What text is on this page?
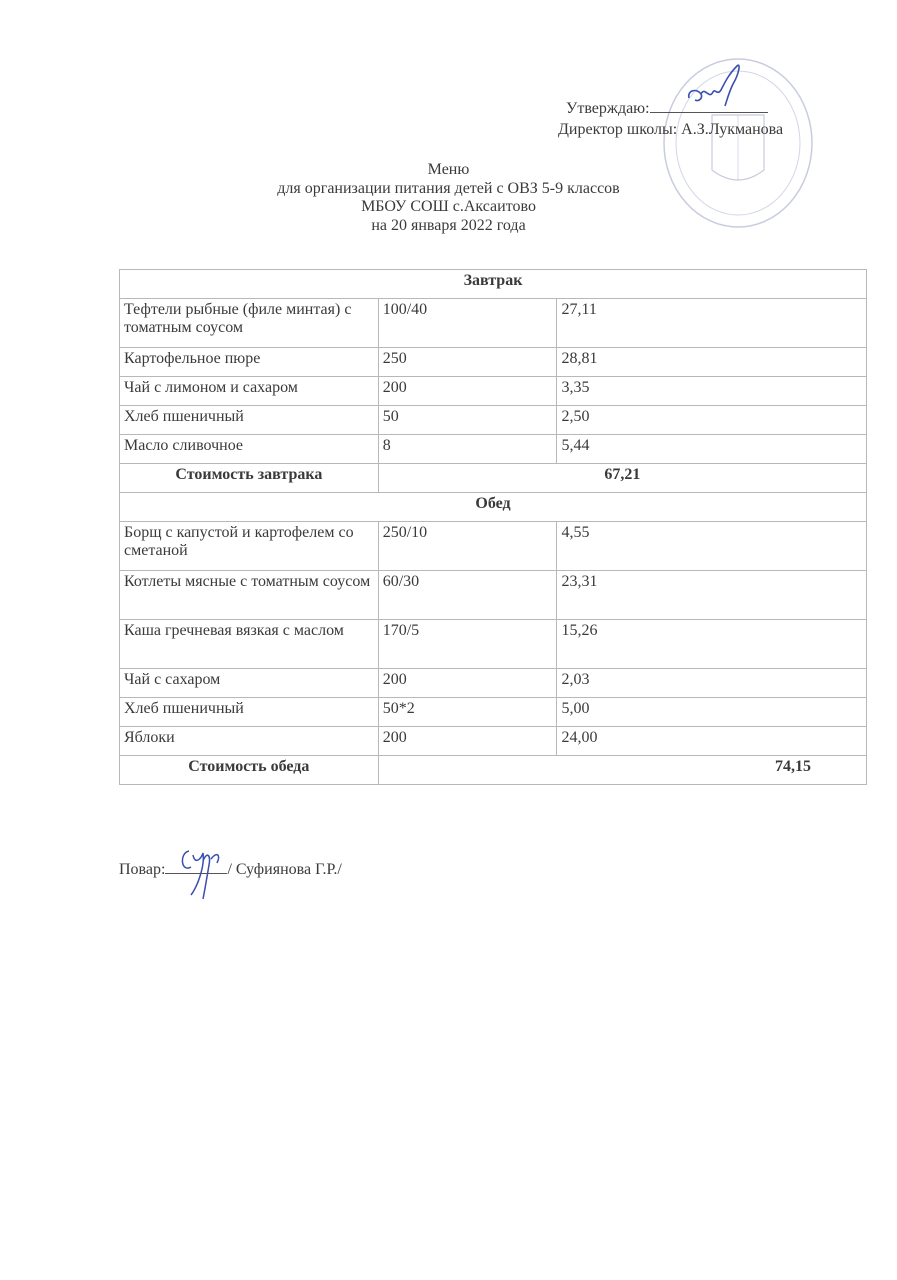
Утверждаю:
Директор школы: А.З.Лукманова
Меню
для организации питания детей с ОВЗ 5-9 классов
МБОУ СОШ с.Аксаитово
на 20 января 2022 года
Завтрак		
Тефтели рыбные (филе минтая) с томатным соусом	100/40	27,11
Картофельное пюре	250	28,81
Чай с лимоном и сахаром	200	3,35
Хлеб пшеничный	50	2,50
Масло сливочное	8	5,44
Стоимость завтрака	67,21	
Обед		
Борщ с капустой и картофелем со сметаной	250/10	4,55
Котлеты мясные с томатным соусом	60/30	23,31
Каша гречневая вязкая с маслом	170/5	15,26
Чай с сахаром	200	2,03
Хлеб пшеничный	50*2	5,00
Яблоки	200	24,00
Стоимость обеда	74,15	
Повар:	/ Суфиянова Г.Р./
